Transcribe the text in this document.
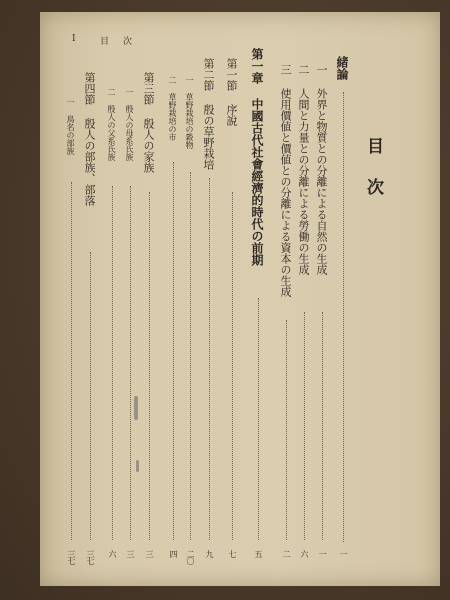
I	目次
目次
緒論
一
一 外界と物質との分離による自然の生成
一
二 人間と力量との分離による勞働の生成
六
三 使用價値と價値との分離による資本の生成
二
第一章 中國古代社會經濟的時代の前期
五
第一節 序說
七
第二節 殷の草野栽培
九
一 草野栽培の穀物
二〇
二 草野栽培の市
四
第三節 殷人の家族
三
一 殷人の母系氏族
三
二 殷人の父系氏族
六
第四節 殷人の部族、部落
三七
一 鳥名の部族
三七
